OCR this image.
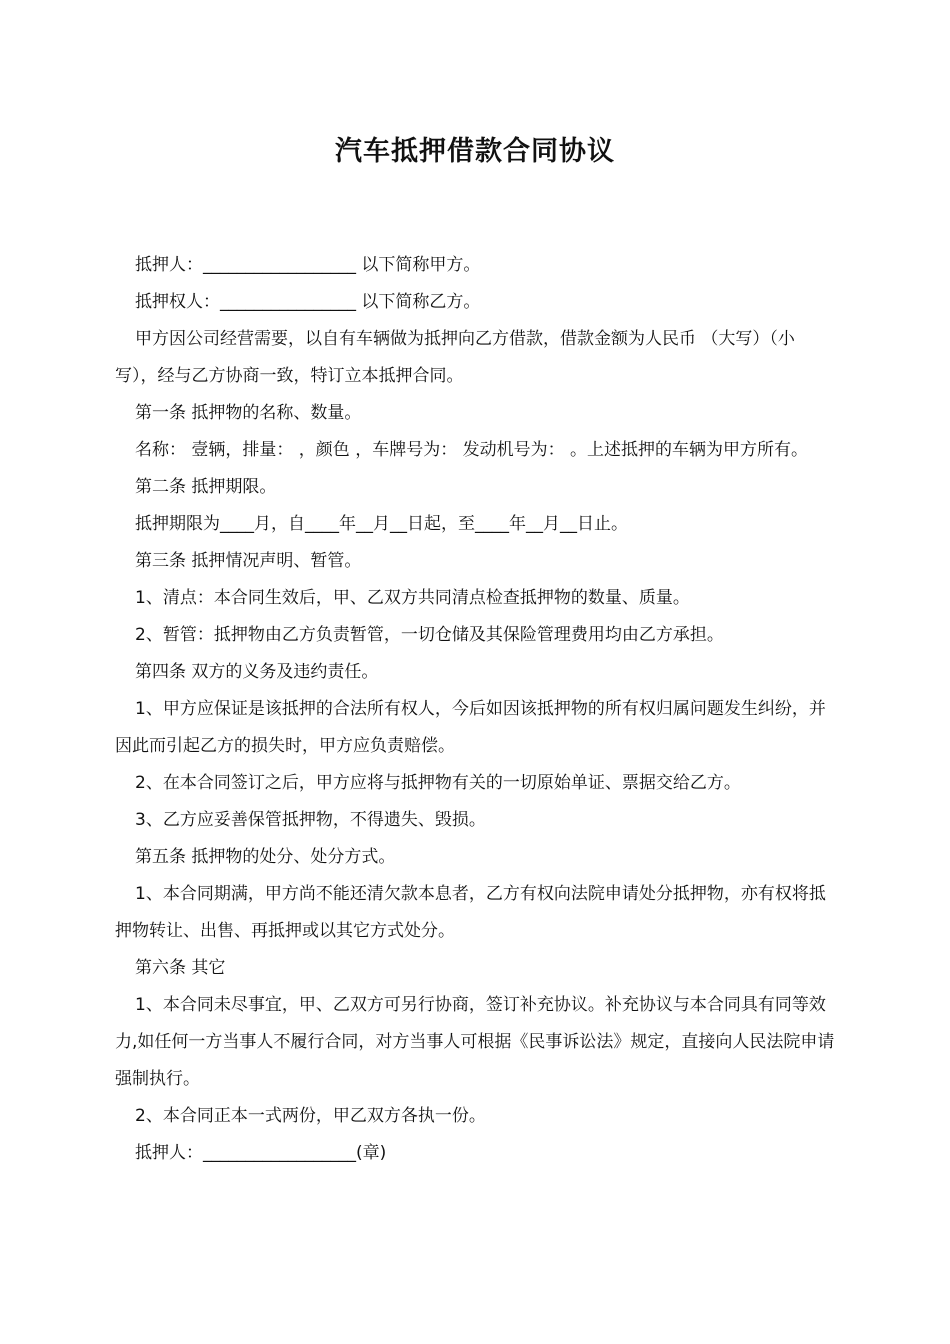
汽车抵押借款合同协议

抵押人：__________________ 以下简称甲方。

抵押权人：________________ 以下简称乙方。

甲方因公司经营需要，以自有车辆做为抵押向乙方借款，借款金额为人民币 （大写）（小写），经与乙方协商一致，特订立本抵押合同。

第一条 抵押物的名称、数量。

名称： 壹辆，排量： ，颜色 ，车牌号为： 发动机号为： 。上述抵押的车辆为甲方所有。

第二条 抵押期限。

抵押期限为____月，自____年__月__日起，至____年__月__日止。

第三条 抵押情况声明、暂管。

1、清点：本合同生效后，甲、乙双方共同清点检查抵押物的数量、质量。

2、暂管：抵押物由乙方负责暂管，一切仓储及其保险管理费用均由乙方承担。

第四条 双方的义务及违约责任。

1、甲方应保证是该抵押的合法所有权人，今后如因该抵押物的所有权归属问题发生纠纷，并因此而引起乙方的损失时，甲方应负责赔偿。

2、在本合同签订之后，甲方应将与抵押物有关的一切原始单证、票据交给乙方。

3、乙方应妥善保管抵押物，不得遗失、毁损。

第五条 抵押物的处分、处分方式。

1、本合同期满，甲方尚不能还清欠款本息者，乙方有权向法院申请处分抵押物，亦有权将抵押物转让、出售、再抵押或以其它方式处分。

第六条 其它

1、本合同未尽事宜，甲、乙双方可另行协商，签订补充协议。补充协议与本合同具有同等效力,如任何一方当事人不履行合同，对方当事人可根据《民事诉讼法》规定，直接向人民法院申请强制执行。

2、本合同正本一式两份，甲乙双方各执一份。

抵押人：__________________(章)
